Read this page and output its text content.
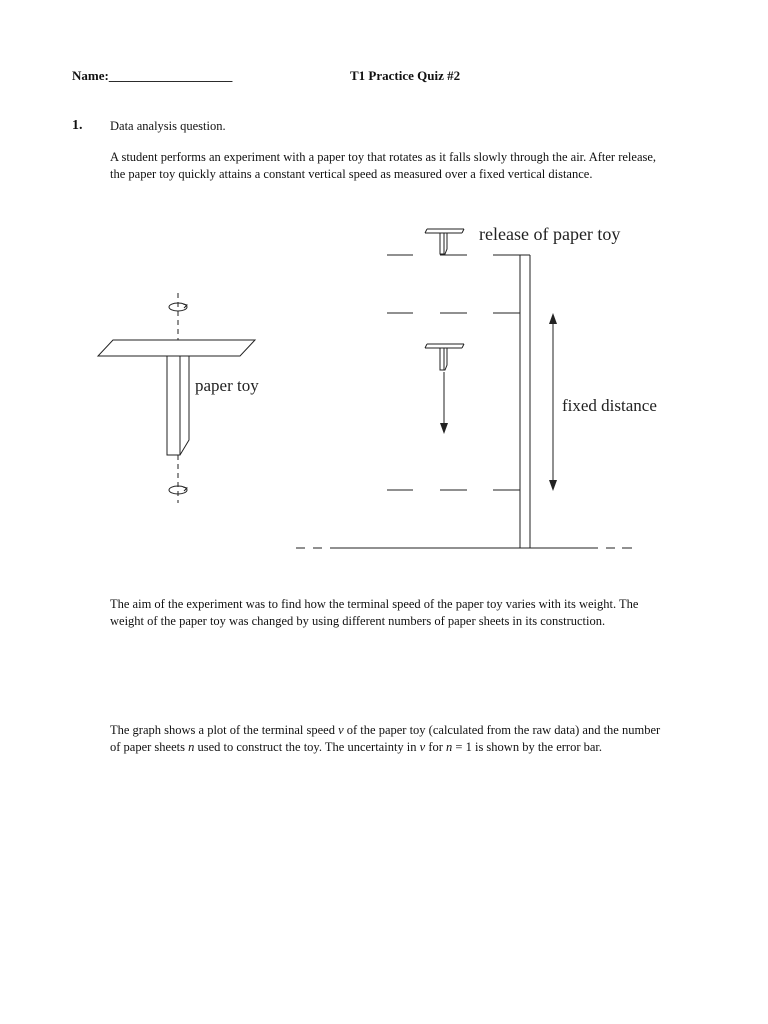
Name:___________________	T1 Practice Quiz #2
1. Data analysis question.
A student performs an experiment with a paper toy that rotates as it falls slowly through the air. After release, the paper toy quickly attains a constant vertical speed as measured over a fixed vertical distance.
paper toy
release of paper toy
fixed distance
The aim of the experiment was to find how the terminal speed of the paper toy varies with its weight. The weight of the paper toy was changed by using different numbers of paper sheets in its construction.
The graph shows a plot of the terminal speed v of the paper toy (calculated from the raw data) and the number of paper sheets n used to construct the toy. The uncertainty in v for n = 1 is shown by the error bar.
